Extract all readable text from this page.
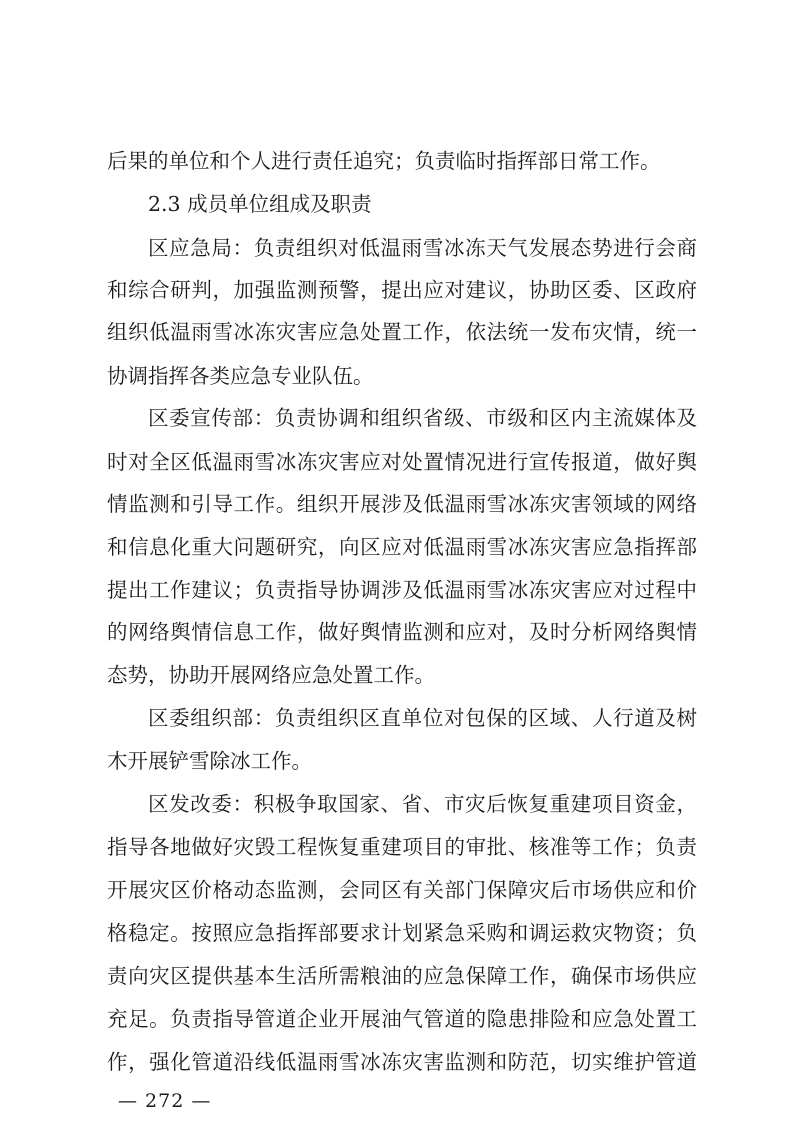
后果的单位和个人进行责任追究；负责临时指挥部日常工作。
2.3 成员单位组成及职责
区应急局：负责组织对低温雨雪冰冻天气发展态势进行会商
和综合研判，加强监测预警，提出应对建议，协助区委、区政府
组织低温雨雪冰冻灾害应急处置工作，依法统一发布灾情，统一
协调指挥各类应急专业队伍。
区委宣传部：负责协调和组织省级、市级和区内主流媒体及
时对全区低温雨雪冰冻灾害应对处置情况进行宣传报道，做好舆
情监测和引导工作。组织开展涉及低温雨雪冰冻灾害领域的网络
和信息化重大问题研究，向区应对低温雨雪冰冻灾害应急指挥部
提出工作建议；负责指导协调涉及低温雨雪冰冻灾害应对过程中
的网络舆情信息工作，做好舆情监测和应对，及时分析网络舆情
态势，协助开展网络应急处置工作。
区委组织部：负责组织区直单位对包保的区域、人行道及树
木开展铲雪除冰工作。
区发改委：积极争取国家、省、市灾后恢复重建项目资金，
指导各地做好灾毁工程恢复重建项目的审批、核准等工作；负责
开展灾区价格动态监测，会同区有关部门保障灾后市场供应和价
格稳定。按照应急指挥部要求计划紧急采购和调运救灾物资；负
责向灾区提供基本生活所需粮油的应急保障工作，确保市场供应
充足。负责指导管道企业开展油气管道的隐患排险和应急处置工
作，强化管道沿线低温雨雪冰冻灾害监测和防范，切实维护管道
— 272 —
